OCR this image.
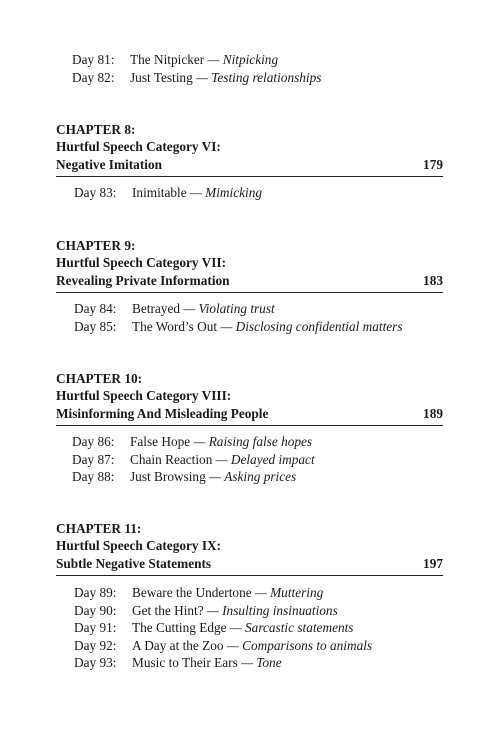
Day 81: The Nitpicker — Nitpicking
Day 82: Just Testing — Testing relationships
CHAPTER 8:
Hurtful Speech Category VI:
Negative Imitation	179
Day 83: Inimitable — Mimicking
CHAPTER 9:
Hurtful Speech Category VII:
Revealing Private Information	183
Day 84: Betrayed — Violating trust
Day 85: The Word’s Out — Disclosing confidential matters
CHAPTER 10:
Hurtful Speech Category VIII:
Misinforming And Misleading People	189
Day 86: False Hope — Raising false hopes
Day 87: Chain Reaction — Delayed impact
Day 88: Just Browsing — Asking prices
CHAPTER 11:
Hurtful Speech Category IX:
Subtle Negative Statements	197
Day 89: Beware the Undertone — Muttering
Day 90: Get the Hint? — Insulting insinuations
Day 91: The Cutting Edge — Sarcastic statements
Day 92: A Day at the Zoo — Comparisons to animals
Day 93: Music to Their Ears — Tone
